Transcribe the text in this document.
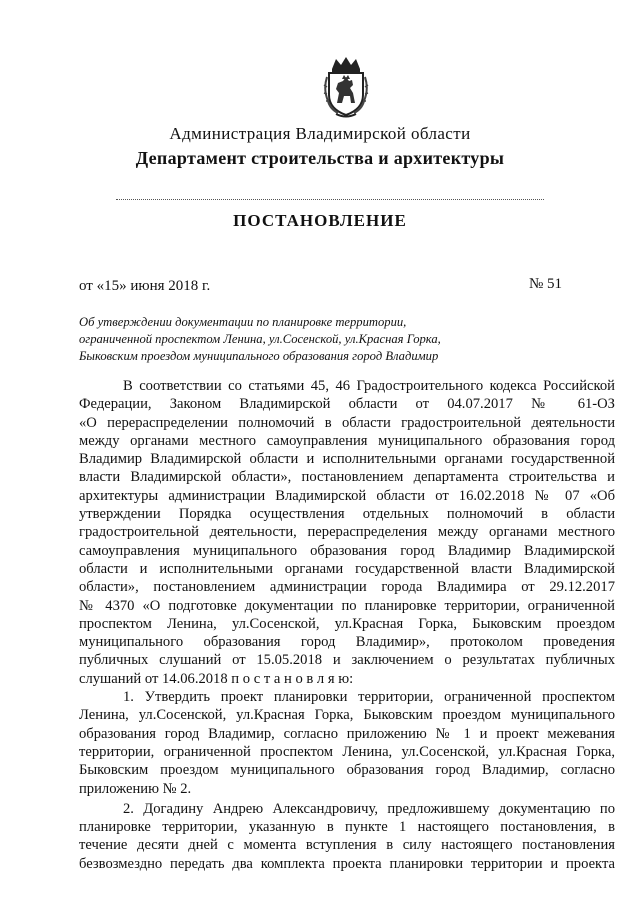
Администрация Владимирской области
Департамент строительства и архитектуры
ПОСТАНОВЛЕНИЕ
от «15» июня 2018 г.	№ 51
Об утверждении документации по планировке территории,
ограниченной проспектом Ленина, ул.Сосенской, ул.Красная Горка,
Быковским проездом муниципального образования город Владимир
В соответствии со статьями 45, 46 Градостроительного кодекса Российской
Федерации, Законом Владимирской области от 04.07.2017 № 61-ОЗ
«О перераспределении полномочий в области градостроительной деятельности
между органами местного самоуправления муниципального образования город
Владимир Владимирской области и исполнительными органами государственной
власти Владимирской области», постановлением департамента строительства и
архитектуры администрации Владимирской области от 16.02.2018 № 07 «Об
утверждении Порядка осуществления отдельных полномочий в области
градостроительной деятельности, перераспределения между органами местного
самоуправления муниципального образования город Владимир Владимирской
области и исполнительными органами государственной власти Владимирской
области», постановлением администрации города Владимира от 29.12.2017
№ 4370 «О подготовке документации по планировке территории, ограниченной
проспектом Ленина, ул.Сосенской, ул.Красная Горка, Быковским проездом
муниципального образования город Владимир», протоколом проведения
публичных слушаний от 15.05.2018 и заключением о результатах публичных
слушаний от 14.06.2018 п о с т а н о в л я ю:
1. Утвердить проект планировки территории, ограниченной проспектом
Ленина, ул.Сосенской, ул.Красная Горка, Быковским проездом муниципального
образования город Владимир, согласно приложению № 1 и проект межевания
территории, ограниченной проспектом Ленина, ул.Сосенской, ул.Красная Горка,
Быковским проездом муниципального образования город Владимир, согласно
приложению № 2.
2. Догадину Андрею Александровичу, предложившему документацию по
планировке территории, указанную в пункте 1 настоящего постановления, в
течение десяти дней с момента вступления в силу настоящего постановления
безвозмездно передать два комплекта проекта планировки территории и проекта
